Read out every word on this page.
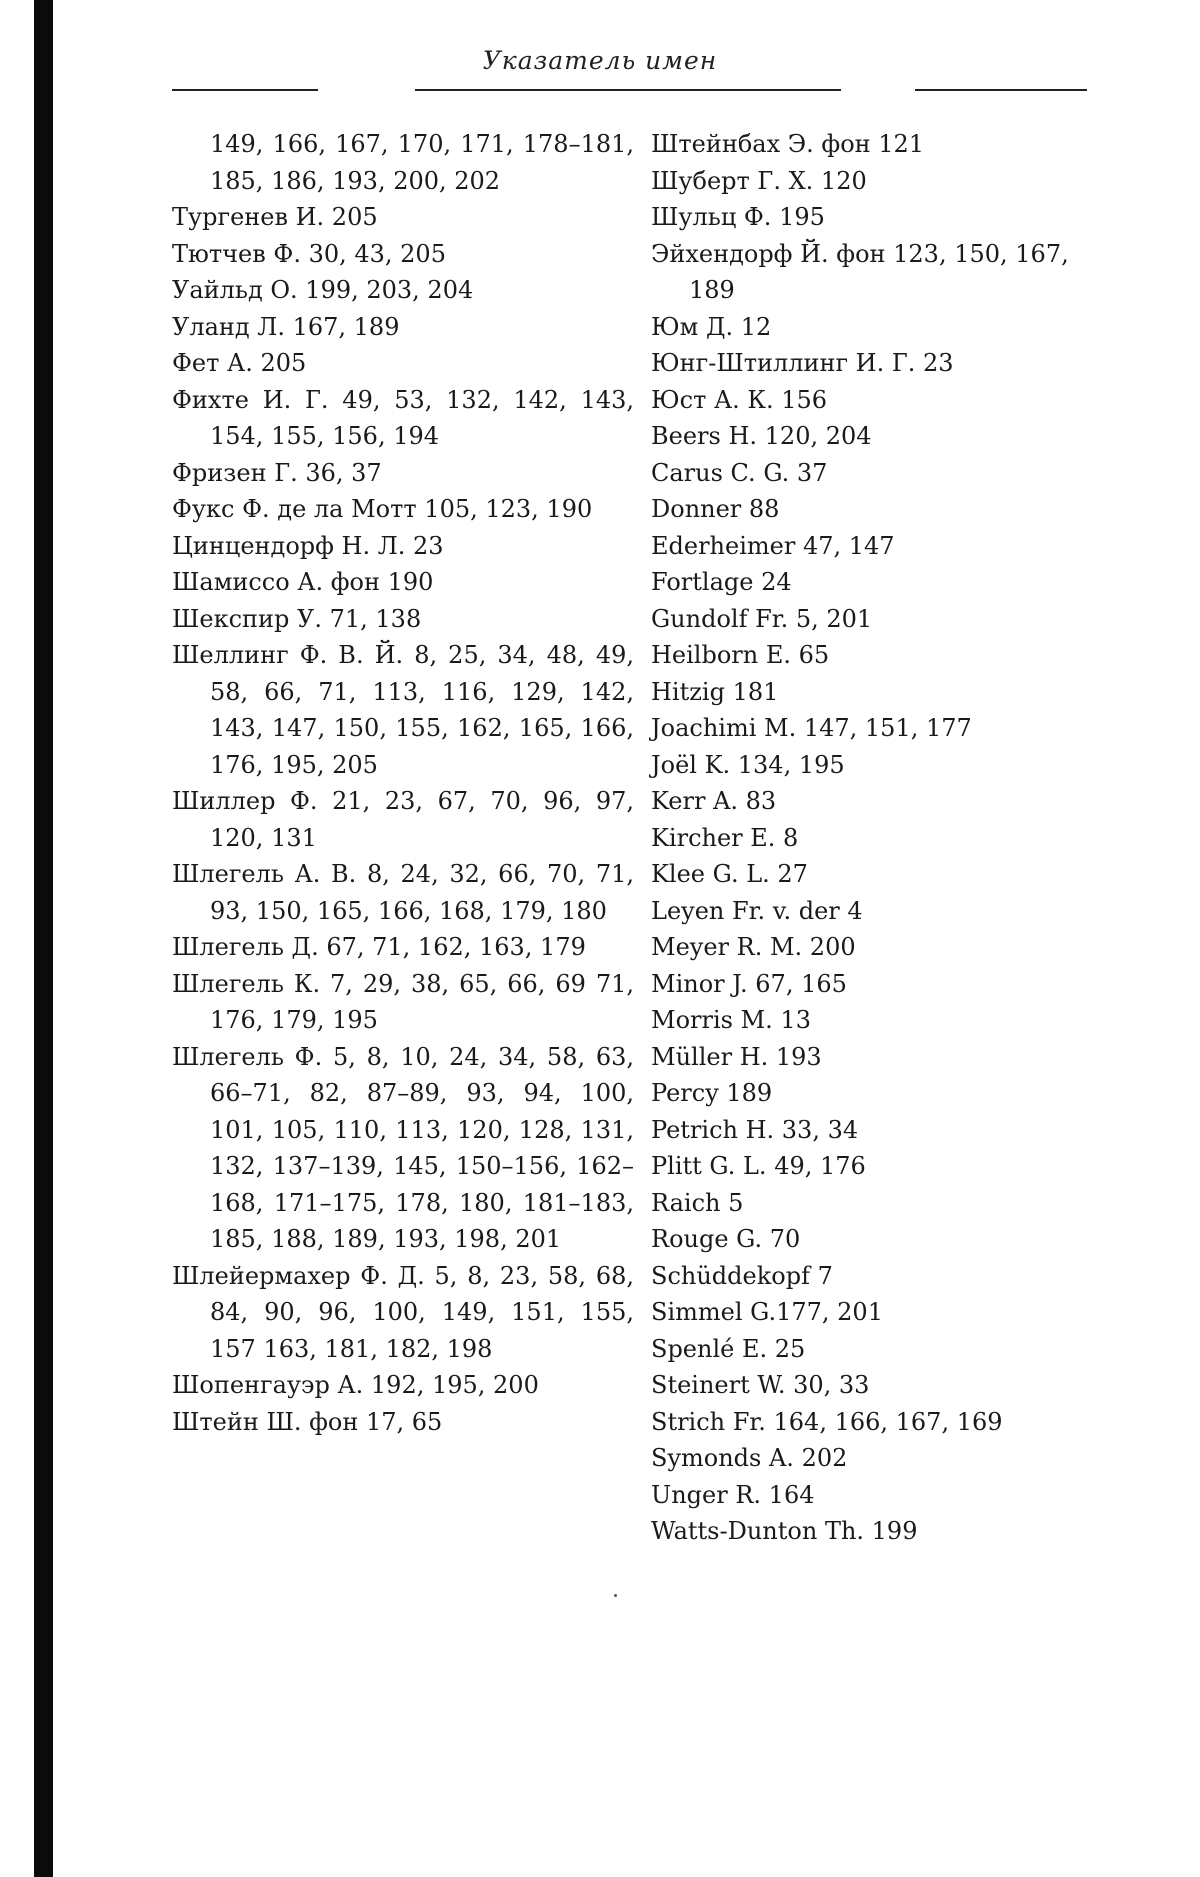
Указатель имен

149, 166, 167, 170, 171, 178–181, 185, 186, 193, 200, 202

Тургенев И. 205

Тютчев Ф. 30, 43, 205

Уайльд О. 199, 203, 204

Уланд Л. 167, 189

Фет А. 205

Фихте И. Г. 49, 53, 132, 142, 143, 154, 155, 156, 194

Фризен Г. 36, 37

Фукс Ф. де ла Мотт 105, 123, 190

Цинцендорф Н. Л. 23

Шамиссо А. фон 190

Шекспир У. 71, 138

Шеллинг Ф. В. Й. 8, 25, 34, 48, 49, 58, 66, 71, 113, 116, 129, 142, 143, 147, 150, 155, 162, 165, 166, 176, 195, 205

Шиллер Ф. 21, 23, 67, 70, 96, 97, 120, 131

Шлегель А. В. 8, 24, 32, 66, 70, 71, 93, 150, 165, 166, 168, 179, 180

Шлегель Д. 67, 71, 162, 163, 179

Шлегель К. 7, 29, 38, 65, 66, 69 71, 176, 179, 195

Шлегель Ф. 5, 8, 10, 24, 34, 58, 63, 66–71, 82, 87–89, 93, 94, 100, 101, 105, 110, 113, 120, 128, 131, 132, 137–139, 145, 150–156, 162–168, 171–175, 178, 180, 181–183, 185, 188, 189, 193, 198, 201

Шлейермахер Ф. Д. 5, 8, 23, 58, 68, 84, 90, 96, 100, 149, 151, 155, 157 163, 181, 182, 198

Шопенгауэр А. 192, 195, 200

Штейн Ш. фон 17, 65

Штейнбах Э. фон 121

Шуберт Г. Х. 120

Шульц Ф. 195

Эйхендорф Й. фон 123, 150, 167, 189

Юм Д. 12

Юнг-Штиллинг И. Г. 23

Юст А. К. 156

Beers H. 120, 204

Carus C. G. 37

Donner 88

Ederheimer 47, 147

Fortlage 24

Gundolf Fr. 5, 201

Heilborn E. 65

Hitzig 181

Joachimi M. 147, 151, 177

Joël K. 134, 195

Kerr A. 83

Kircher E. 8

Klee G. L. 27

Leyen Fr. v. der 4

Meyer R. M. 200

Minor J. 67, 165

Morris M. 13

Müller H. 193

Percy 189

Petrich H. 33, 34

Plitt G. L. 49, 176

Raich 5

Rouge G. 70

Schüddekopf 7

Simmel G.177, 201

Spenlé E. 25

Steinert W. 30, 33

Strich Fr. 164, 166, 167, 169

Symonds A. 202

Unger R. 164

Watts-Dunton Th. 199
